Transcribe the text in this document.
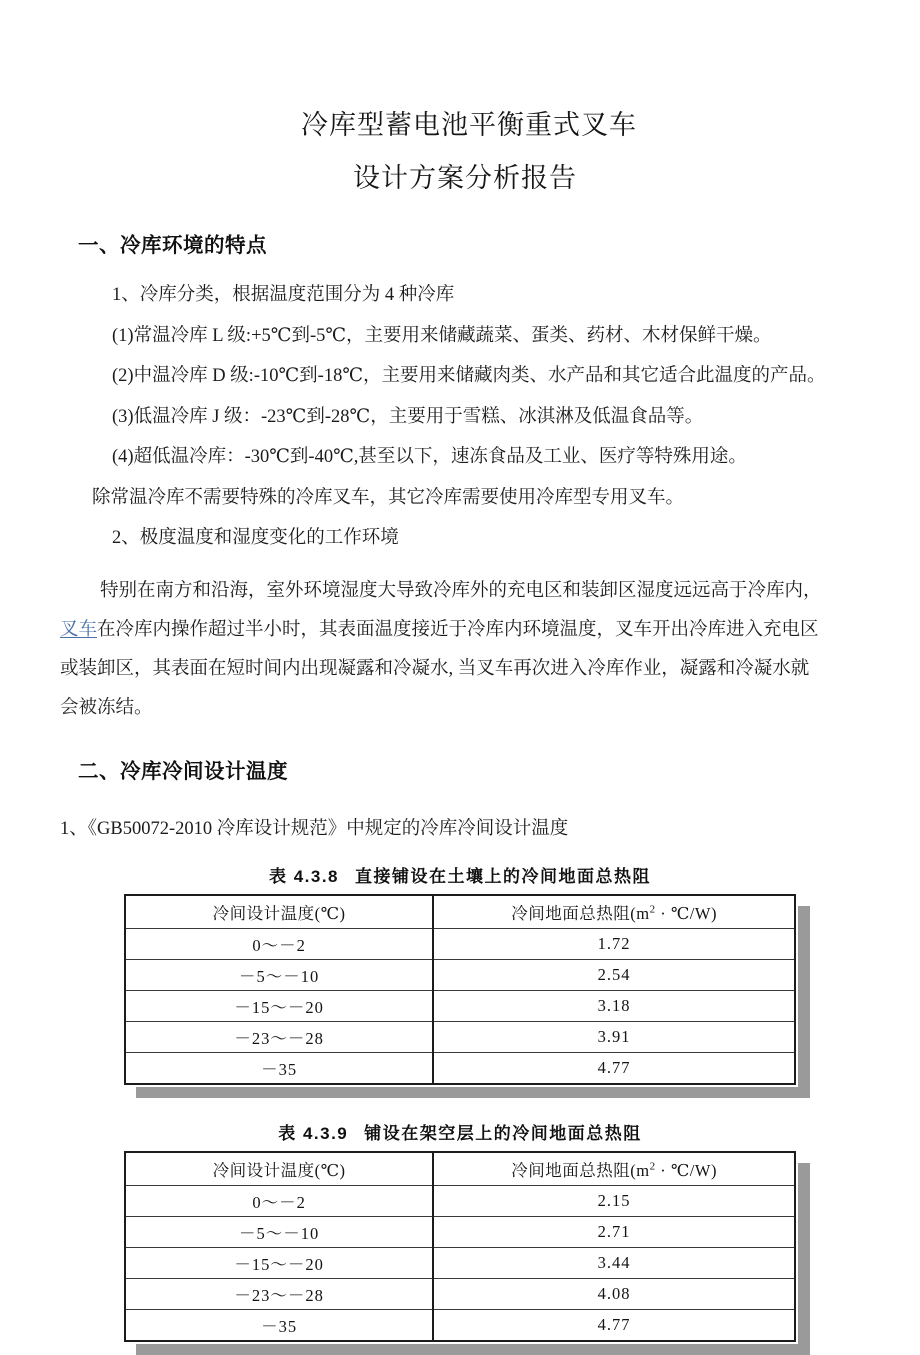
冷库型蓄电池平衡重式叉车
设计方案分析报告
一、冷库环境的特点
1、冷库分类，根据温度范围分为 4 种冷库
(1)常温冷库 L 级:+5℃到-5℃，主要用来储藏蔬菜、蛋类、药材、木材保鲜干燥。
(2)中温冷库 D 级:-10℃到-18℃，主要用来储藏肉类、水产品和其它适合此温度的产品。
(3)低温冷库 J 级：-23℃到-28℃，主要用于雪糕、冰淇淋及低温食品等。
(4)超低温冷库：-30℃到-40℃,甚至以下，速冻食品及工业、医疗等特殊用途。
除常温冷库不需要特殊的冷库叉车，其它冷库需要使用冷库型专用叉车。
2、极度温度和湿度变化的工作环境
特别在南方和沿海，室外环境湿度大导致冷库外的充电区和装卸区湿度远远高于冷库内，
叉车在冷库内操作超过半小时，其表面温度接近于冷库内环境温度，叉车开出冷库进入充电区
或装卸区，其表面在短时间内出现凝露和冷凝水, 当叉车再次进入冷库作业，凝露和冷凝水就
会被冻结。
二、冷库冷间设计温度
1、《GB50072-2010 冷库设计规范》中规定的冷库冷间设计温度
表 4.3.8 直接铺设在土壤上的冷间地面总热阻
冷间设计温度(℃)	冷间地面总热阻($m^2$ · ℃/W)
0～－2	1.72
－5～－10	2.54
－15～－20	3.18
－23～－28	3.91
－35	4.77
表 4.3.9 铺设在架空层上的冷间地面总热阻
冷间设计温度(℃)	冷间地面总热阻($m^2$ · ℃/W)
0～－2	2.15
－5～－10	2.71
－15～－20	3.44
－23～－28	4.08
－35	4.77
